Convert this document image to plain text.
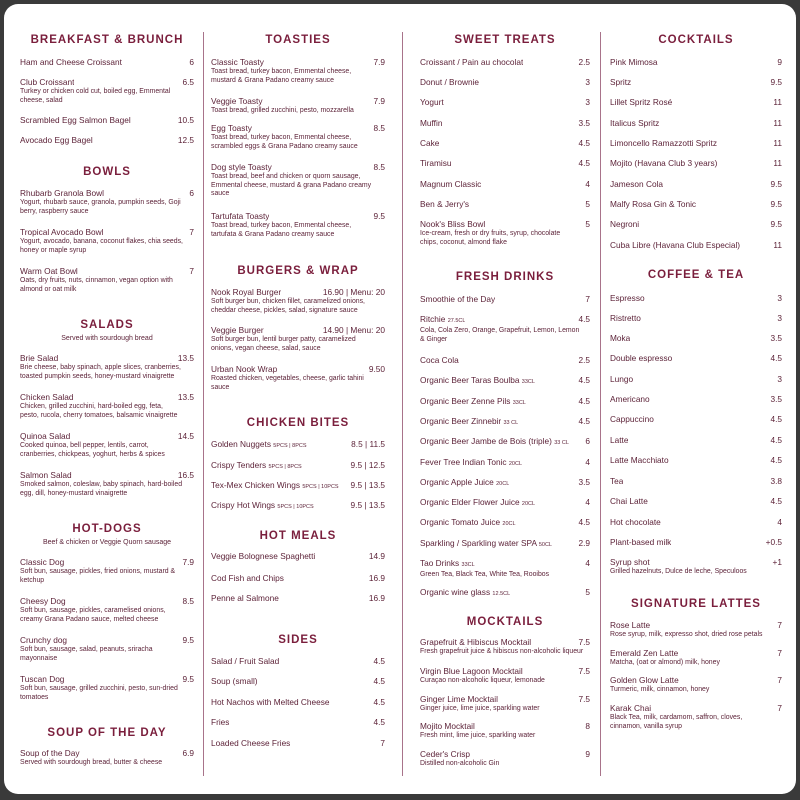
BREAKFAST & BRUNCH
Ham and Cheese Croissant	6
Club Croissant	6.5
Turkey or chicken cold cut, boiled egg, Emmental
cheese, salad
Scrambled Egg Salmon Bagel	10.5
Avocado Egg Bagel	12.5
BOWLS
Rhubarb Granola Bowl	6
Yogurt, rhubarb sauce, granola, pumpkin seeds, Goji
berry, raspberry sauce
Tropical Avocado Bowl	7
Yogurt, avocado, banana, coconut flakes, chia seeds,
honey or maple syrup
Warm Oat Bowl	7
Oats, dry fruits, nuts, cinnamon, vegan option with
almond or oat milk
SALADS
Served with sourdough bread
Brie Salad	13.5
Brie cheese, baby spinach, apple slices, cranberries,
toasted pumpkin seeds, honey-mustard vinaigrette
Chicken Salad	13.5
Chicken, grilled zucchini, hard-boiled egg, feta,
pesto, rucola, cherry tomatoes, balsamic vinaigrette
Quinoa Salad	14.5
Cooked quinoa, bell pepper, lentils, carrot,
cranberries, chickpeas, yoghurt, herbs & spices
Salmon Salad	16.5
Smoked salmon, coleslaw, baby spinach, hard-boiled
egg, dill, honey-mustard vinaigrette
HOT-DOGS
Beef & chicken or Veggie Quorn sausage
Classic Dog	7.9
Soft bun, sausage, pickles, fried onions, mustard &
ketchup
Cheesy Dog	8.5
Soft bun, sausage, pickles, caramelised onions,
creamy Grana Padano sauce, melted cheese
Crunchy dog	9.5
Soft bun, sausage, salad, peanuts, sriracha
mayonnaise
Tuscan Dog	9.5
Soft bun, sausage, grilled zucchini, pesto, sun-dried
tomatoes
SOUP OF THE DAY
Soup of the Day	6.9
Served with sourdough bread, butter & cheese
TOASTIES
Classic Toasty	7.9
Toast bread, turkey bacon, Emmental cheese,
mustard & Grana Padano creamy sauce
Veggie Toasty	7.9
Toast bread, grilled zucchini, pesto, mozzarella
Egg Toasty	8.5
Toast bread, turkey bacon, Emmental cheese,
scrambled eggs & Grana Padano creamy sauce
Dog style Toasty	8.5
Toast bread, beef and chicken or quorn sausage,
Emmental cheese, mustard & grana Padano creamy
sauce
Tartufata Toasty	9.5
Toast bread, turkey bacon, Emmental cheese,
tartufata & Grana Padano creamy sauce
BURGERS & WRAP
Nook Royal Burger	16.90 | Menu: 20
Soft burger bun, chicken fillet, caramelized onions,
cheddar cheese, pickles, salad, signature sauce
Veggie Burger	14.90 | Menu: 20
Soft burger bun, lentil burger patty, caramelized
onions, vegan cheese, salad, sauce
Urban Nook Wrap	9.50
Roasted chicken, vegetables, cheese, garlic tahini
sauce
CHICKEN BITES
Golden Nuggets 5PCS | 8PCS	8.5 | 11.5
Crispy Tenders 5PCS | 8PCS	9.5 | 12.5
Tex-Mex Chicken Wings 5PCS | 10PCS 9.5 | 13.5
Crispy Hot Wings 5PCS | 10PCS	9.5 | 13.5
HOT MEALS
Veggie Bolognese Spaghetti	14.9
Cod Fish and Chips	16.9
Penne al Salmone	16.9
SIDES
Salad / Fruit Salad	4.5
Soup (small)	4.5
Hot Nachos with Melted Cheese	4.5
Fries	4.5
Loaded Cheese Fries	7
SWEET TREATS
Croissant / Pain au chocolat	2.5
Donut / Brownie	3
Yogurt	3
Muffin	3.5
Cake	4.5
Tiramisu	4.5
Magnum Classic	4
Ben & Jerry's	5
Nook's Bliss Bowl	5
Ice-cream, fresh or dry fruits, syrup, chocolate
chips, coconut, almond flake
FRESH DRINKS
Smoothie of the Day	7
Ritchie 27.5CL	4.5
Cola, Cola Zero, Orange, Grapefruit, Lemon, Lemon
& Ginger
Coca Cola	2.5
Organic Beer Taras Boulba 33CL	4.5
Organic Beer Zenne Pils 33CL	4.5
Organic Beer Zinnebir 33 CL	4.5
Organic Beer Jambe de Bois (triple) 33 CL 6
Fever Tree Indian Tonic 20CL	4
Organic Apple Juice 20CL	3.5
Organic Elder Flower Juice 20CL	4
Organic Tomato Juice 20CL	4.5
Sparkling / Sparkling water SPA 50CL	2.9
Tao Drinks 33CL	4
Green Tea, Black Tea, White Tea, Rooibos
Organic wine glass 12.5CL	5
MOCKTAILS
Grapefruit & Hibiscus Mocktail	7.5
Fresh grapefruit juice & hibiscus non-alcoholic liqueur
Virgin Blue Lagoon Mocktail	7.5
Curaçao non-alcoholic liqueur, lemonade
Ginger Lime Mocktail	7.5
Ginger juice, lime juice, sparkling water
Mojito Mocktail	8
Fresh mint, lime juice, sparkling water
Ceder's Crisp	9
Distilled non-alcoholic Gin
COCKTAILS
Pink Mimosa	9
Spritz	9.5
Lillet Spritz Rosé	11
Italicus Spritz	11
Limoncello Ramazzotti Spritz	11
Mojito (Havana Club 3 years)	11
Jameson Cola	9.5
Malfy Rosa Gin & Tonic	9.5
Negroni	9.5
Cuba Libre (Havana Club Especial)	11
COFFEE & TEA
Espresso	3
Ristretto	3
Moka	3.5
Double espresso	4.5
Lungo	3
Americano	3.5
Cappuccino	4.5
Latte	4.5
Latte Macchiato	4.5
Tea	3.8
Chai Latte	4.5
Hot chocolate	4
Plant-based milk	+0.5
Syrup shot	+1
Grilled hazelnuts, Dulce de leche, Speculoos
SIGNATURE LATTES
Rose Latte	7
Rose syrup, milk, expresso shot, dried rose petals
Emerald Zen Latte	7
Matcha, (oat or almond) milk, honey
Golden Glow Latte	7
Turmeric, milk, cinnamon, honey
Karak Chai	7
Black Tea, milk, cardamom, saffron, cloves,
cinnamon, vanilla syrup
